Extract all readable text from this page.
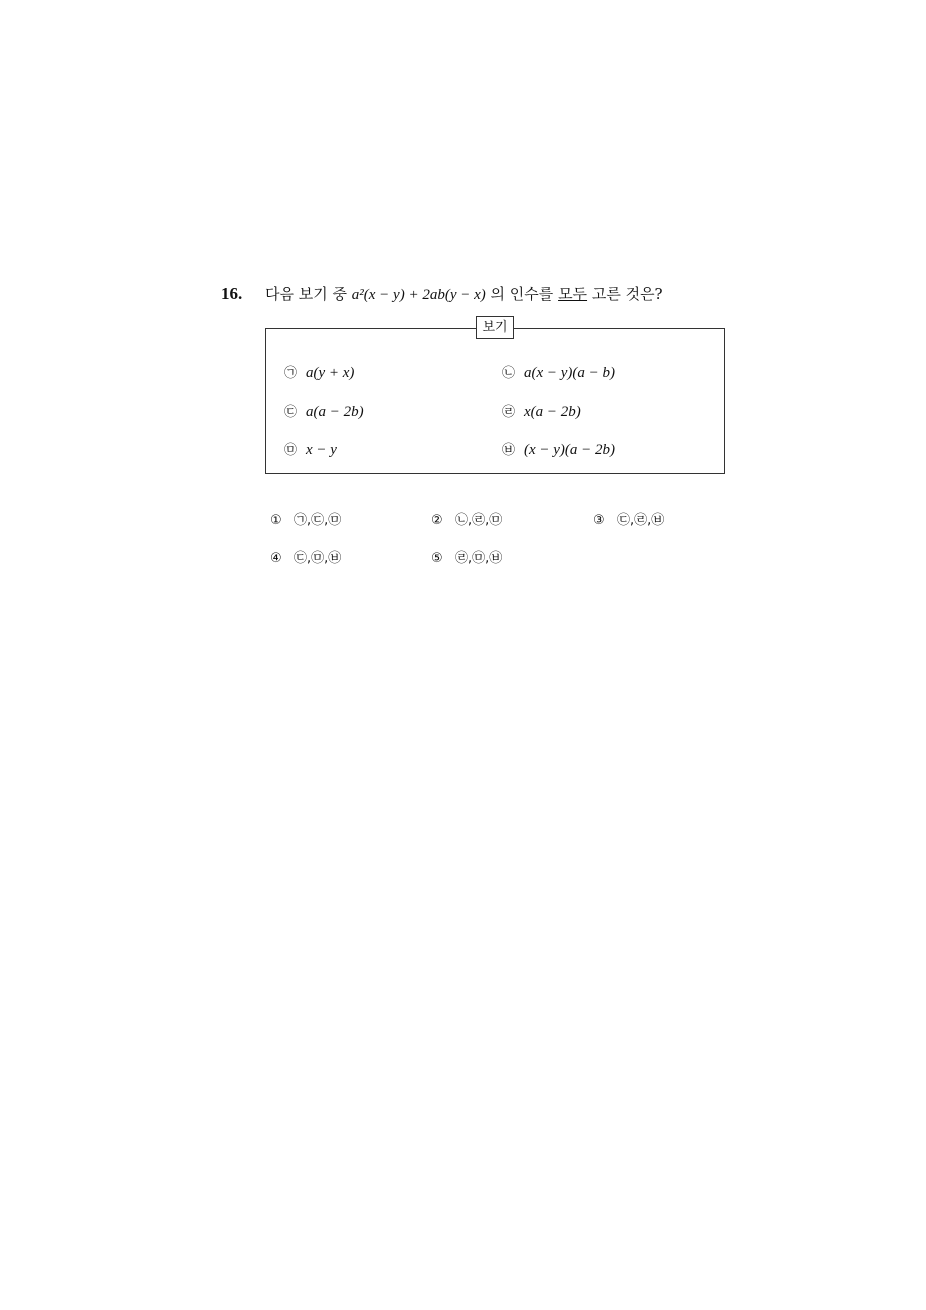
16. 다음 보기 중 a²(x − y) + 2ab(y − x) 의 인수를 모두 고른 것은?
보기
㉠ a(y + x)	㉡ a(x − y)(a − b)
㉢ a(a − 2b)	㉣ x(a − 2b)
㉤ x − y	㉥ (x − y)(a − 2b)
① ㉠,㉢,㉤	② ㉡,㉣,㉤	③ ㉢,㉣,㉥
④ ㉢,㉤,㉥	⑤ ㉣,㉤,㉥
